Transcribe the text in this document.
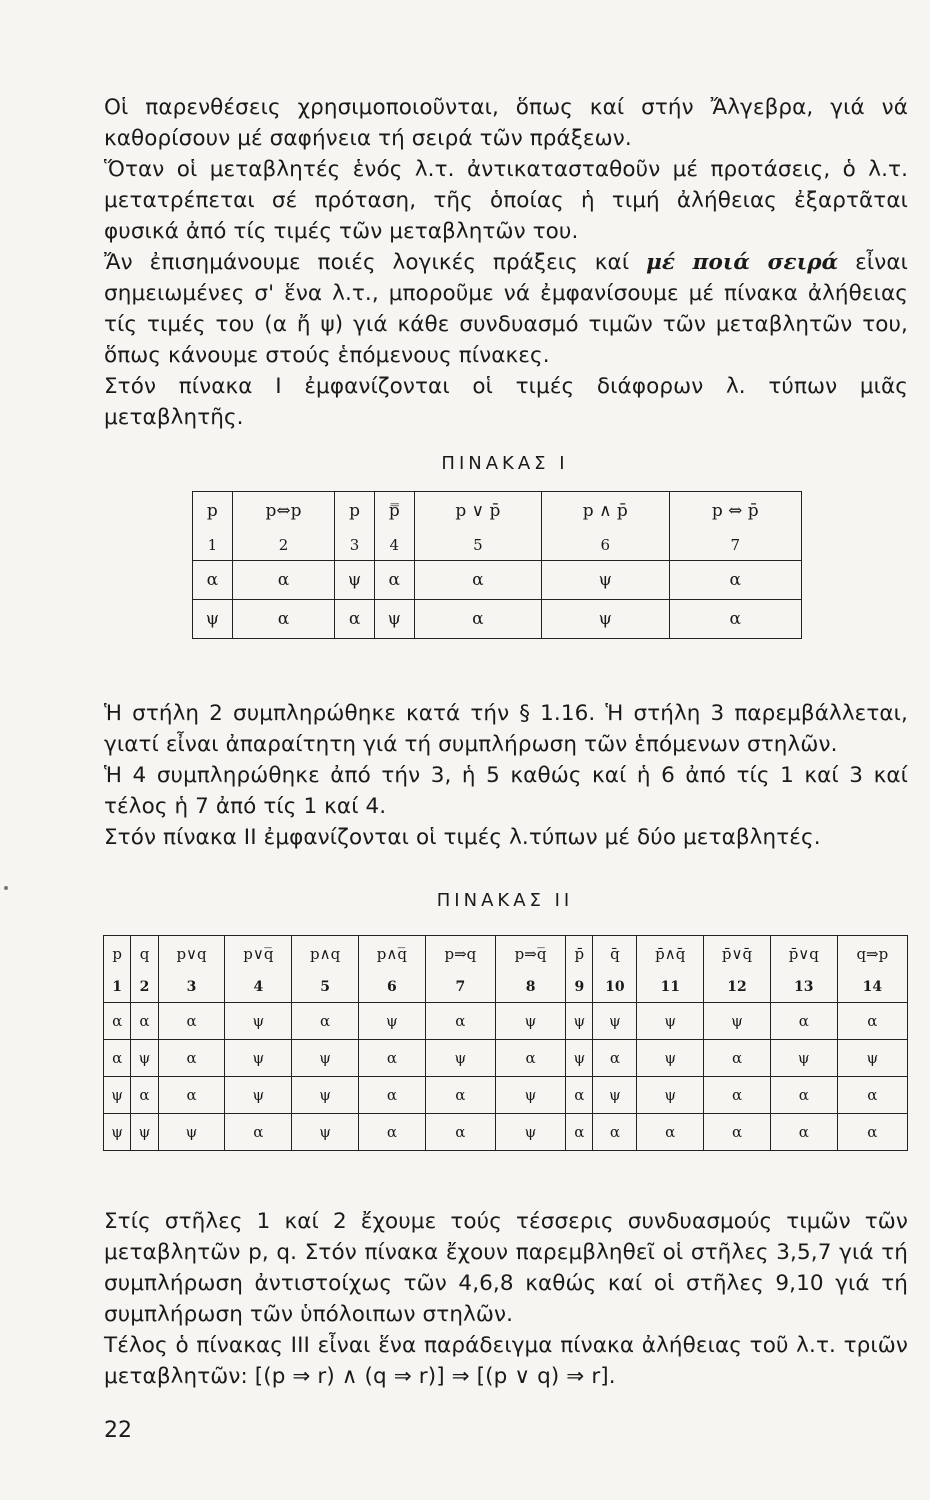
Οἱ παρενθέσεις χρησιμοποιοῦνται, ὅπως καί στήν Ἄλγεβρα, γιά νά καθορίσουν μέ σαφήνεια τή σειρά τῶν πράξεων.

Ὅταν οἱ μεταβλητές ἑνός λ.τ. ἀντικατασταθοῦν μέ προτάσεις, ὁ λ.τ. μετατρέπεται σέ πρόταση, τῆς ὁποίας ἡ τιμή ἀλήθειας ἐξαρτᾶται φυσικά ἀπό τίς τιμές τῶν μεταβλητῶν του.

Ἄν ἐπισημάνουμε ποιές λογικές πράξεις καί μέ ποιά σειρά εἶναι σημειωμένες σ' ἕνα λ.τ., μποροῦμε νά ἐμφανίσουμε μέ πίνακα ἀλήθειας τίς τιμές του (α ἤ ψ) γιά κάθε συνδυασμό τιμῶν τῶν μεταβλητῶν του, ὅπως κάνουμε στούς ἑπόμενους πίνακες.

Στόν πίνακα I ἐμφανίζονται οἱ τιμές διάφορων λ. τύπων μιᾶς μεταβλητῆς.

ΠΙΝΑΚΑΣ I
p	p⇔p	p	p̿	p ∨ p̄	p ∧ p̄	p ⇔ p̄
1	2	3	4	5	6	7
α	α	ψ	α	α	ψ	α
ψ	α	α	ψ	α	ψ	α

Ἡ στήλη 2 συμπληρώθηκε κατά τήν § 1.16. Ἡ στήλη 3 παρεμβάλλεται, γιατί εἶναι ἀπαραίτητη γιά τή συμπλήρωση τῶν ἑπόμενων στηλῶν.

Ἡ 4 συμπληρώθηκε ἀπό τήν 3, ἡ 5 καθώς καί ἡ 6 ἀπό τίς 1 καί 3 καί τέλος ἡ 7 ἀπό τίς 1 καί 4.

Στόν πίνακα II ἐμφανίζονται οἱ τιμές λ.τύπων μέ δύο μεταβλητές.

ΠΙΝΑΚΑΣ II
p	q	p∨q	p∨q̅	p∧q	p∧q̅	p⇒q	p⇒q̅	p̄	q̄	p̄∧q̄	p̄∨q̄	p̄∨q	q⇒p
1	2	3	4	5	6	7	8	9	10	11	12	13	14
α	α	α	ψ	α	ψ	α	ψ	ψ	ψ	ψ	ψ	α	α
α	ψ	α	ψ	ψ	α	ψ	α	ψ	α	ψ	α	ψ	ψ
ψ	α	α	ψ	ψ	α	α	ψ	α	ψ	ψ	α	α	α
ψ	ψ	ψ	α	ψ	α	α	ψ	α	α	α	α	α	α

Στίς στῆλες 1 καί 2 ἔχουμε τούς τέσσερις συνδυασμούς τιμῶν τῶν μεταβλητῶν p, q. Στόν πίνακα ἔχουν παρεμβληθεῖ οἱ στῆλες 3,5,7 γιά τή συμπλήρωση ἀντιστοίχως τῶν 4,6,8 καθώς καί οἱ στῆλες 9,10 γιά τή συμπλήρωση τῶν ὑπόλοιπων στηλῶν.

Τέλος ὁ πίνακας III εἶναι ἕνα παράδειγμα πίνακα ἀλήθειας τοῦ λ.τ. τριῶν μεταβλητῶν: [(p ⇒ r) ∧ (q ⇒ r)] ⇒ [(p ∨ q) ⇒ r].

22
